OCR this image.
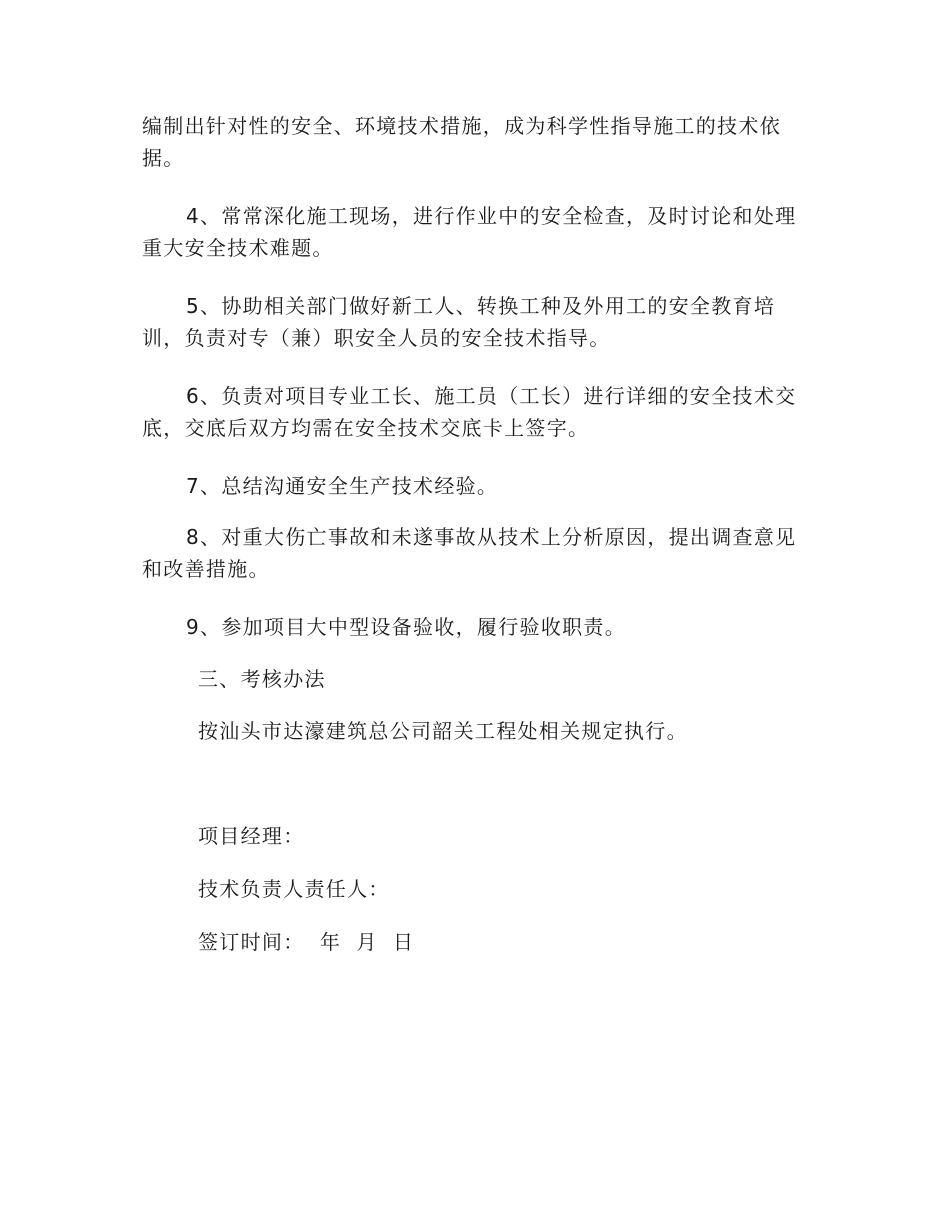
编制出针对性的安全、环境技术措施，成为科学性指导施工的技术依
据。
4、常常深化施工现场，进行作业中的安全检查，及时讨论和处理
重大安全技术难题。
5、协助相关部门做好新工人、转换工种及外用工的安全教育培
训，负责对专（兼）职安全人员的安全技术指导。
6、负责对项目专业工长、施工员（工长）进行详细的安全技术交
底，交底后双方均需在安全技术交底卡上签字。
7、总结沟通安全生产技术经验。
8、对重大伤亡事故和未遂事故从技术上分析原因，提出调查意见
和改善措施。
9、参加项目大中型设备验收，履行验收职责。
三、考核办法
按汕头市达濠建筑总公司韶关工程处相关规定执行。
项目经理：
技术负责人责任人：
签订时间：  年  月  日
